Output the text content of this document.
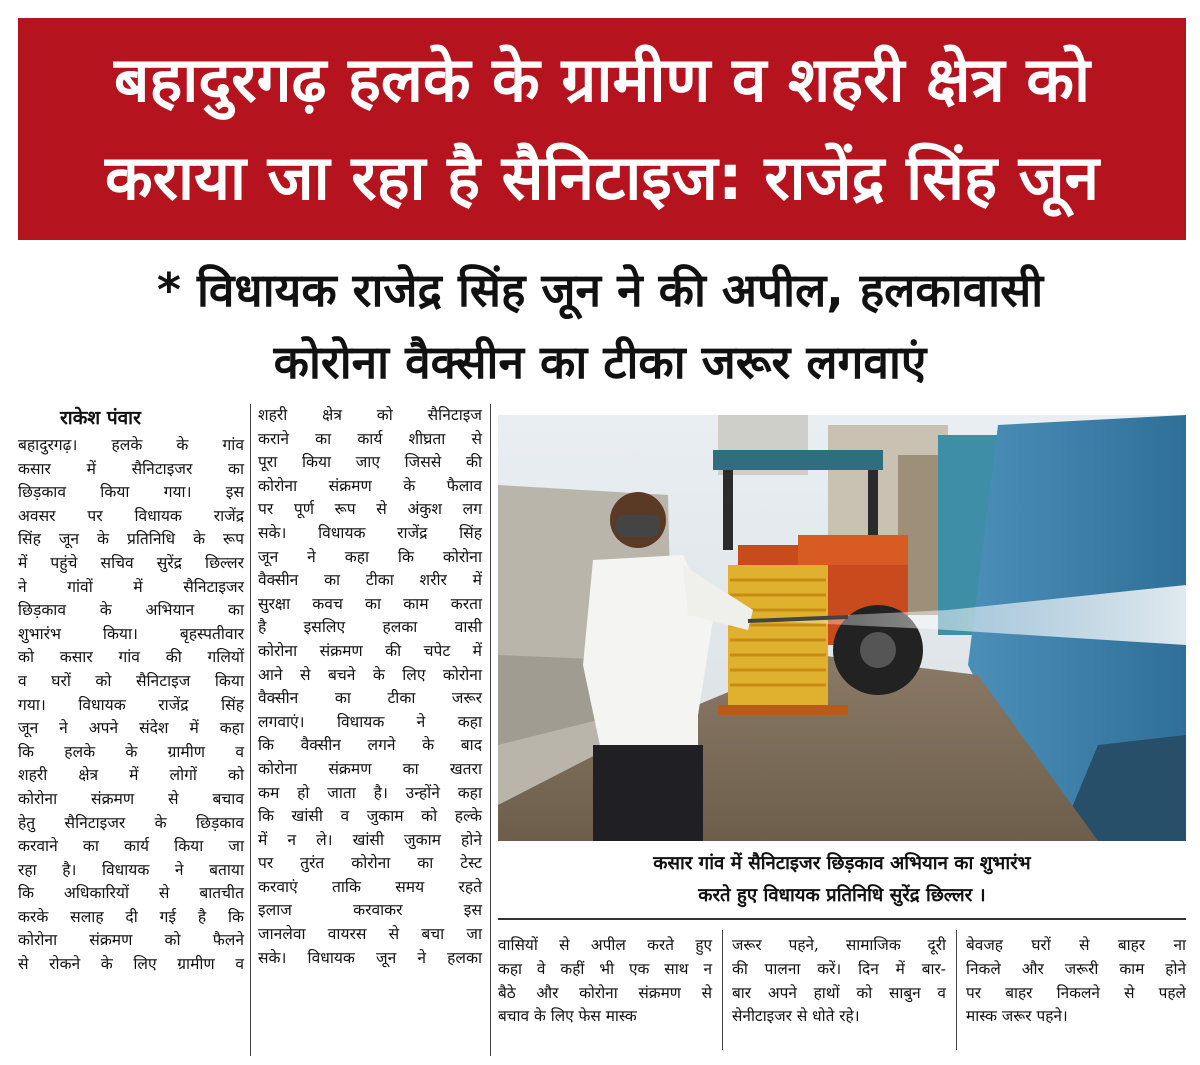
बहादुरगढ़ हलके के ग्रामीण व शहरी क्षेत्र को
कराया जा रहा है सैनिटाइज: राजेंद्र सिंह जून
* विधायक राजेद्र सिंह जून ने की अपील, हलकावासी
कोरोना वैक्सीन का टीका जरूर लगवाएं
राकेश पंवार
बहादुरगढ़। हलके के गांव
कसार में सैनिटाइजर का
छिड़काव किया गया। इस
अवसर पर विधायक राजेंद्र
सिंह जून के प्रतिनिधि के रूप
में पहुंचे सचिव सुरेंद्र छिल्लर
ने गांवों में सैनिटाइजर
छिड़काव के अभियान का
शुभारंभ किया। बृहस्पतीवार
को कसार गांव की गलियों
व घरों को सैनिटाइज किया
गया। विधायक राजेंद्र सिंह
जून ने अपने संदेश में कहा
कि हलके के ग्रामीण व
शहरी क्षेत्र में लोगों को
कोरोना संक्रमण से बचाव
हेतु सैनिटाइजर के छिड़काव
करवाने का कार्य किया जा
रहा है। विधायक ने बताया
कि अधिकारियों से बातचीत
करके सलाह दी गई है कि
कोरोना संक्रमण को फैलने
से रोकने के लिए ग्रामीण व
शहरी क्षेत्र को सैनिटाइज
कराने का कार्य शीघ्रता से
पूरा किया जाए जिससे की
कोरोना संक्रमण के फैलाव
पर पूर्ण रूप से अंकुश लग
सके। विधायक राजेंद्र सिंह
जून ने कहा कि कोरोना
वैक्सीन का टीका शरीर में
सुरक्षा कवच का काम करता
है इसलिए हलका वासी
कोरोना संक्रमण की चपेट में
आने से बचने के लिए कोरोना
वैक्सीन का टीका जरूर
लगवाएं। विधायक ने कहा
कि वैक्सीन लगने के बाद
कोरोना संक्रमण का खतरा
कम हो जाता है। उन्होंने कहा
कि खांसी व जुकाम को हल्के
में न ले। खांसी जुकाम होने
पर तुरंत कोरोना का टेस्ट
करवाएं ताकि समय रहते
इलाज करवाकर इस
जानलेवा वायरस से बचा जा
सके। विधायक जून ने हलका
कसार गांव में सैनिटाइजर छिड़काव अभियान का शुभारंभ
करते हुए विधायक प्रतिनिधि सुरेंद्र छिल्लर ।
वासियों से अपील करते हुए
कहा वे कहीं भी एक साथ न
बैठे और कोरोना संक्रमण से
बचाव के लिए फेस मास्क
जरूर पहने, सामाजिक दूरी
की पालना करें। दिन में बार-
बार अपने हाथों को साबुन व
सेनीटाइजर से धोते रहे।
बेवजह घरों से बाहर ना
निकले और जरूरी काम होने
पर बाहर निकलने से पहले
मास्क जरूर पहने।
